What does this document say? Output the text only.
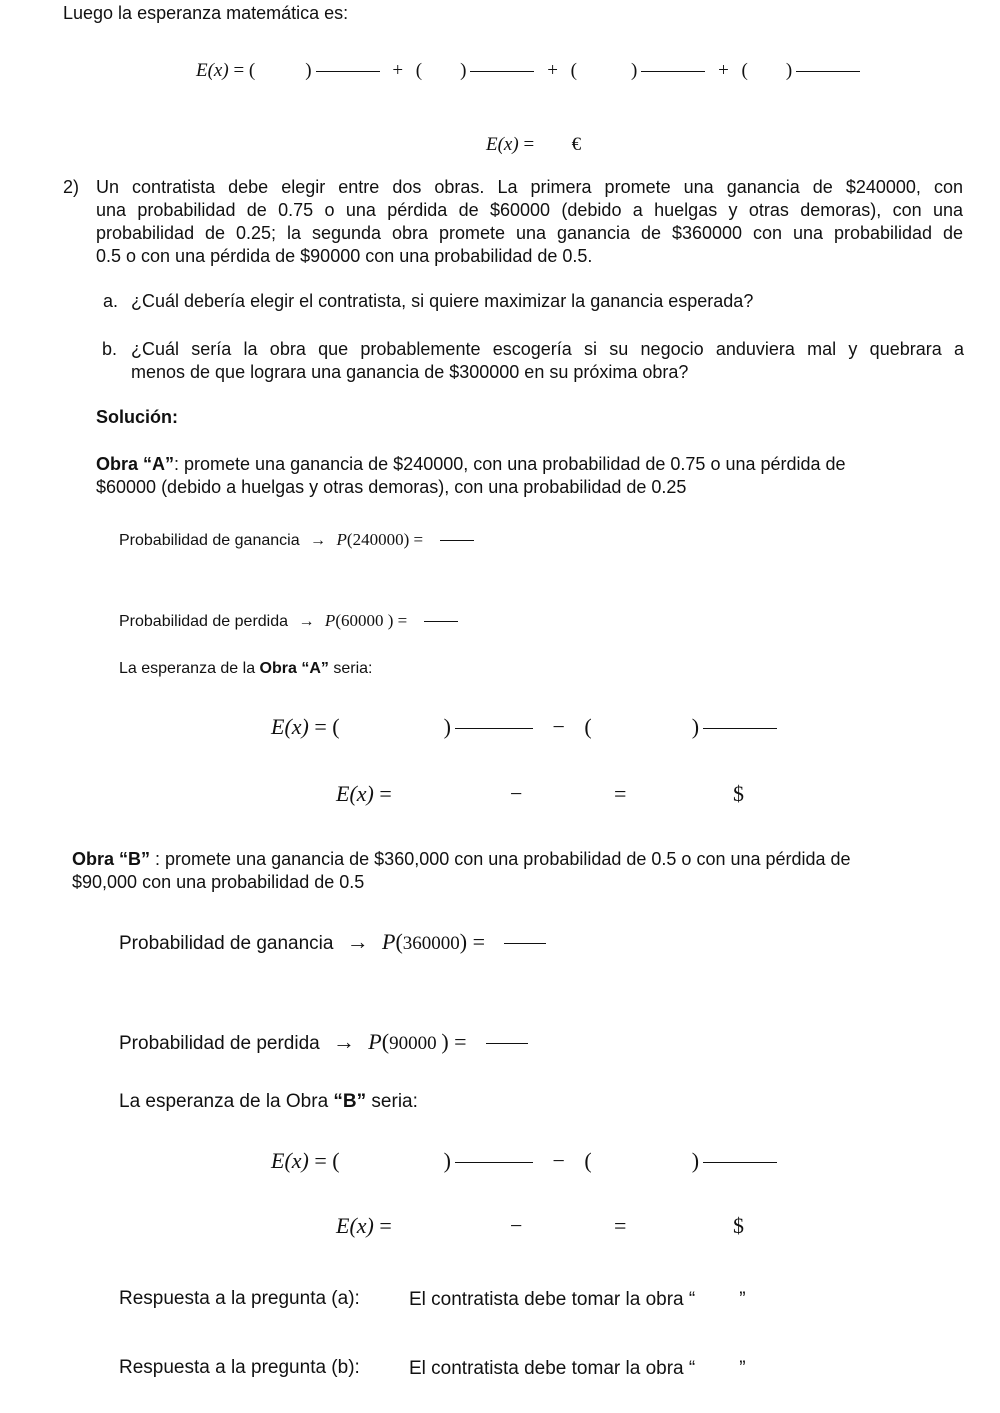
Luego la esperanza matemática es:
E(x) = (	)	+ ( )	+ (	)	+ ( )
E(x) = €
2) Un contratista debe elegir entre dos obras. La primera promete una ganancia de $240000, con
una probabilidad de 0.75 o una pérdida de $60000 (debido a huelgas y otras demoras), con una
probabilidad de 0.25; la segunda obra promete una ganancia de $360000 con una probabilidad de
0.5 o con una pérdida de $90000 con una probabilidad de 0.5.
a. ¿Cuál debería elegir el contratista, si quiere maximizar la ganancia esperada?
b. ¿Cuál sería la obra que probablemente escogería si su negocio anduviera mal y quebrara a
menos de que lograra una ganancia de $300000 en su próxima obra?
Solución:
Obra “A”: promete una ganancia de $240000, con una probabilidad de 0.75 o una pérdida de
$60000 (debido a huelgas y otras demoras), con una probabilidad de 0.25
Probabilidad de ganancia → P(240000) =
Probabilidad de perdida → P(60000 ) =
La esperanza de la Obra “A” seria:
E(x) = (	)	− (	)
E(x) =	−	=	$
Obra “B” : promete una ganancia de $360,000 con una probabilidad de 0.5 o con una pérdida de
$90,000 con una probabilidad de 0.5
Probabilidad de ganancia → P(360000) =
Probabilidad de perdida → P(90000 ) =
La esperanza de la Obra “B” seria:
E(x) = (	)	− (	)
E(x) =	−	=	$
Respuesta a la pregunta (a):	El contratista debe tomar la obra “ ”
Respuesta a la pregunta (b):	El contratista debe tomar la obra “ ”
